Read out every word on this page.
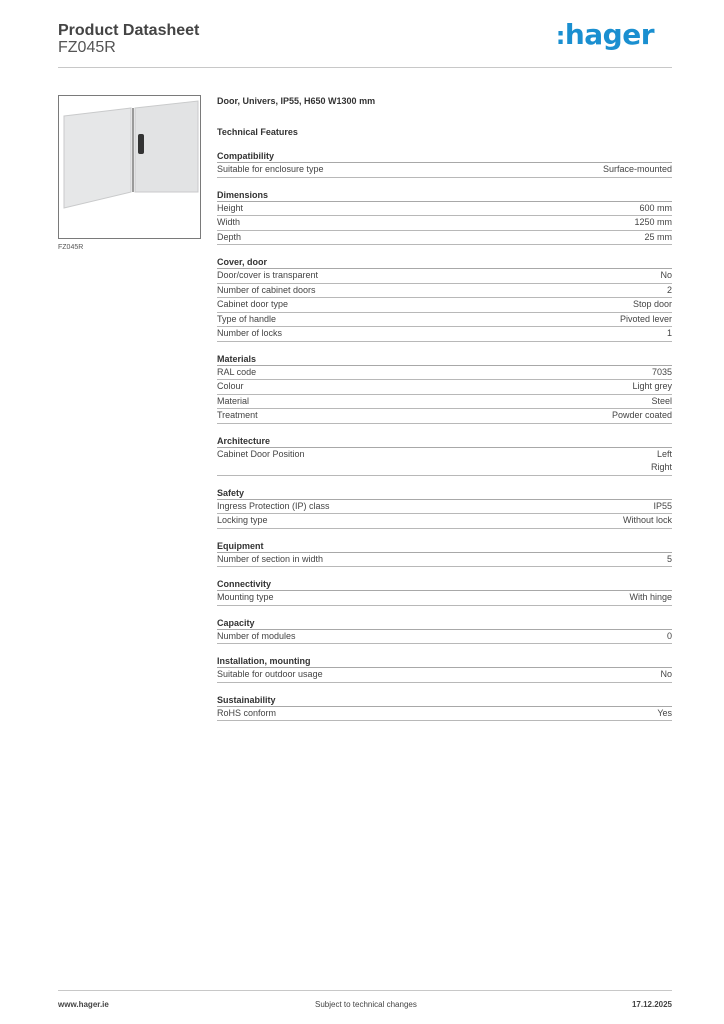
Product Datasheet
FZ045R	:hager
FZ045R
Door, Univers, IP55, H650 W1300 mm
Technical Features
Compatibility
Suitable for enclosure type	Surface-mounted
Dimensions
Height	600 mm
Width	1250 mm
Depth	25 mm
Cover, door
Door/cover is transparent	No
Number of cabinet doors	2
Cabinet door type	Stop door
Type of handle	Pivoted lever
Number of locks	1
Materials
RAL code	7035
Colour	Light grey
Material	Steel
Treatment	Powder coated
Architecture
Cabinet Door Position	Left
Right
Safety
Ingress Protection (IP) class	IP55
Locking type	Without lock
Equipment
Number of section in width	5
Connectivity
Mounting type	With hinge
Capacity
Number of modules	0
Installation, mounting
Suitable for outdoor usage	No
Sustainability
RoHS conform	Yes
www.hager.ie	Subject to technical changes	17.12.2025
